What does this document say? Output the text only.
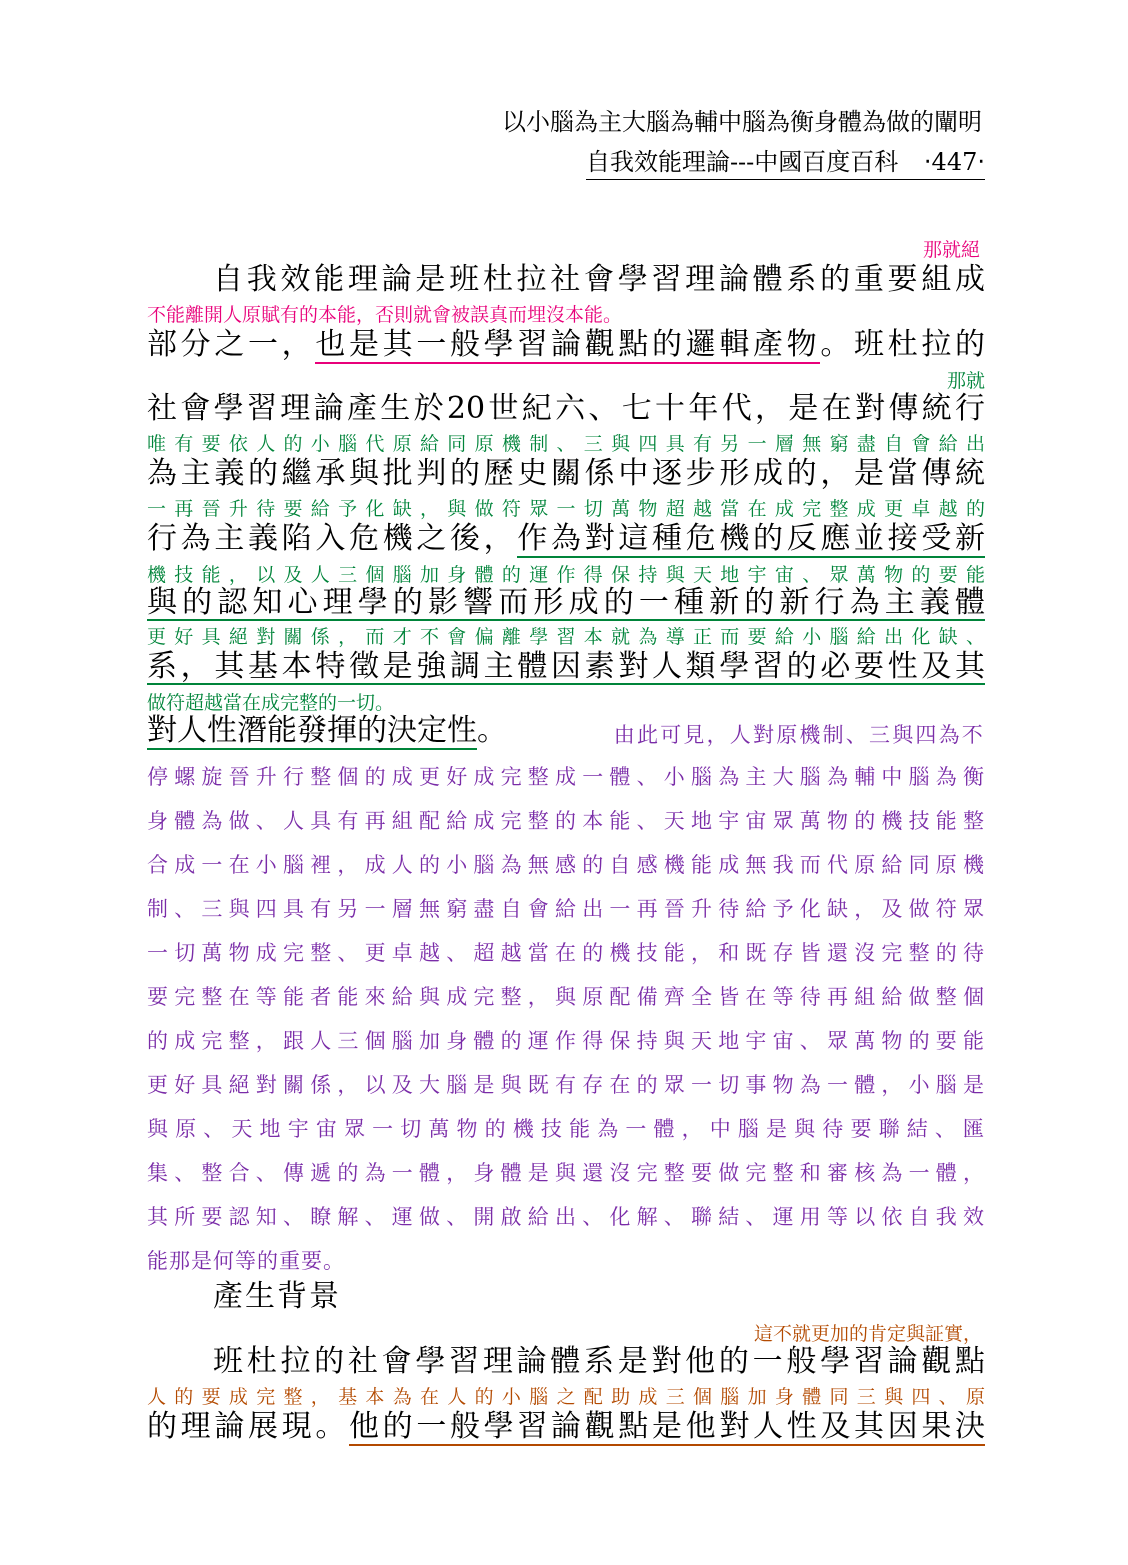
以小腦為主大腦為輔中腦為衡身體為做的闡明
自我效能理論---中國百度百科 ‧447‧
那就絕
自我效能理論是班杜拉社會學習理論體系的重要組成
不能離開人原賦有的本能，否則就會被誤真而埋沒本能。
部分之一，也是其一般學習論觀點的邏輯產物。班杜拉的
那就
社會學習理論產生於20世紀六、七十年代，是在對傳統行
唯有要依人的小腦代原給同原機制、三與四具有另一層無窮盡自會給出
為主義的繼承與批判的歷史關係中逐步形成的，是當傳統
一再晉升待要給予化缺，與做符眾一切萬物超越當在成完整成更卓越的
行為主義陷入危機之後，作為對這種危機的反應並接受新
機技能，以及人三個腦加身體的運作得保持與天地宇宙、眾萬物的要能
與的認知心理學的影響而形成的一種新的新行為主義體
更好具絕對關係，而才不會偏離學習本就為導正而要給小腦給出化缺、
系，其基本特徵是強調主體因素對人類學習的必要性及其
做符超越當在成完整的一切。
對人性潛能發揮的決定性。	由此可見，人對原機制、三與四為不
停螺旋晉升行整個的成更好成完整成一體、小腦為主大腦為輔中腦為衡
身體為做、人具有再組配給成完整的本能、天地宇宙眾萬物的機技能整
合成一在小腦裡，成人的小腦為無感的自感機能成無我而代原給同原機
制、三與四具有另一層無窮盡自會給出一再晉升待給予化缺，及做符眾
一切萬物成完整、更卓越、超越當在的機技能，和既存皆還沒完整的待
要完整在等能者能來給與成完整，與原配備齊全皆在等待再組給做整個
的成完整，跟人三個腦加身體的運作得保持與天地宇宙、眾萬物的要能
更好具絕對關係，以及大腦是與既有存在的眾一切事物為一體，小腦是
與原、天地宇宙眾一切萬物的機技能為一體，中腦是與待要聯結、匯
集、整合、傳遞的為一體，身體是與還沒完整要做完整和審核為一體，
其所要認知、瞭解、運做、開啟給出、化解、聯結、運用等以依自我效
能那是何等的重要。
產生背景
這不就更加的肯定與証實，
班杜拉的社會學習理論體系是對他的一般學習論觀點
人的要成完整，基本為在人的小腦之配助成三個腦加身體同三與四、原
的理論展現。他的一般學習論觀點是他對人性及其因果決
